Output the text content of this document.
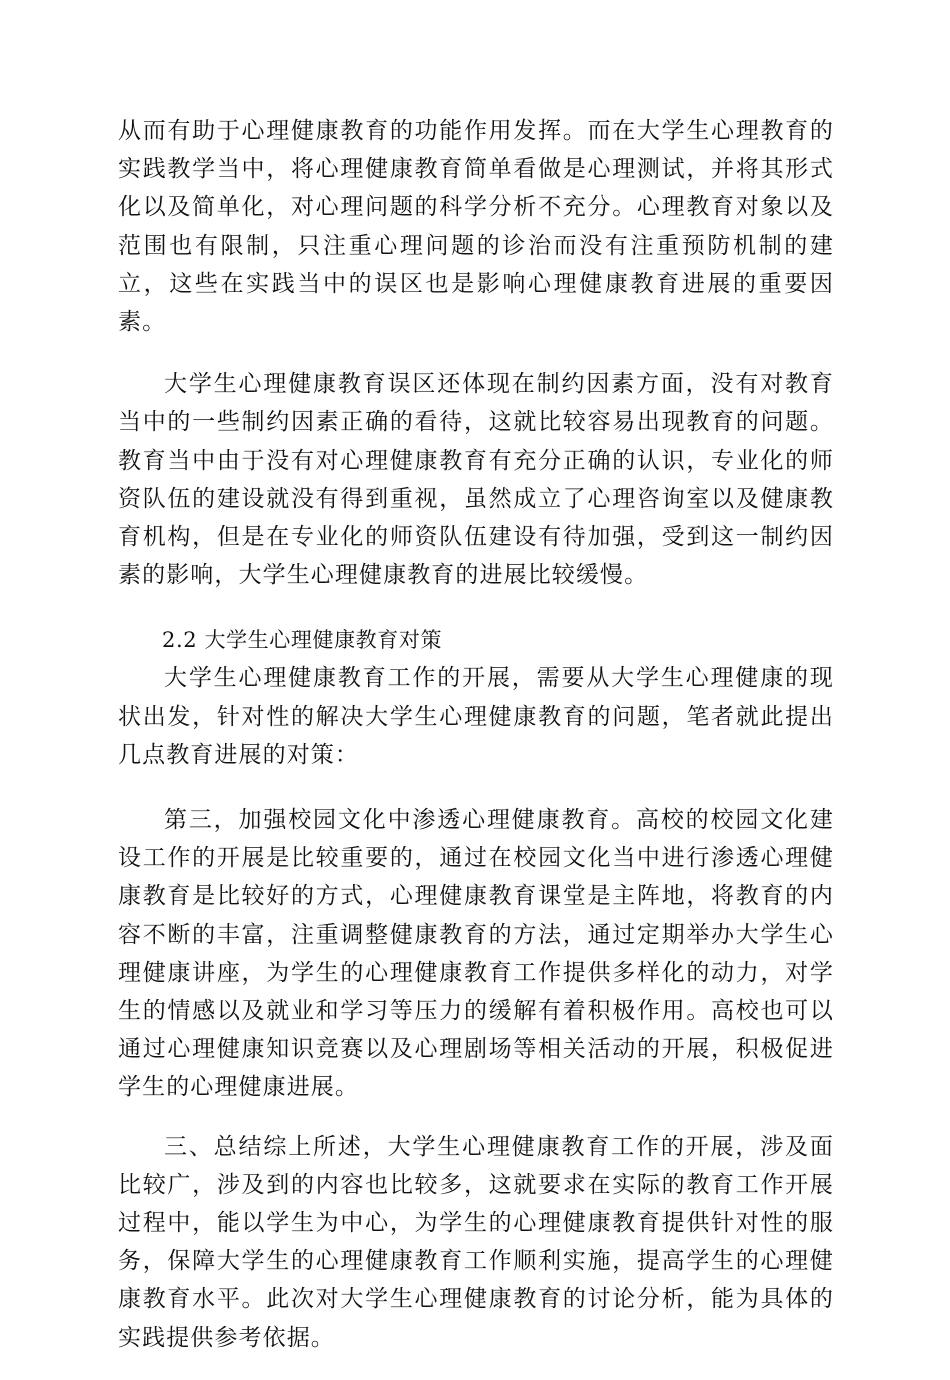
从而有助于心理健康教育的功能作用发挥。而在大学生心理教育的实践教学当中，将心理健康教育简单看做是心理测试，并将其形式化以及简单化，对心理问题的科学分析不充分。心理教育对象以及范围也有限制，只注重心理问题的诊治而没有注重预防机制的建立，这些在实践当中的误区也是影响心理健康教育进展的重要因素。

大学生心理健康教育误区还体现在制约因素方面，没有对教育当中的一些制约因素正确的看待，这就比较容易出现教育的问题。教育当中由于没有对心理健康教育有充分正确的认识，专业化的师资队伍的建设就没有得到重视，虽然成立了心理咨询室以及健康教育机构，但是在专业化的师资队伍建设有待加强，受到这一制约因素的影响，大学生心理健康教育的进展比较缓慢。

2.2 大学生心理健康教育对策

大学生心理健康教育工作的开展，需要从大学生心理健康的现状出发，针对性的解决大学生心理健康教育的问题，笔者就此提出几点教育进展的对策：

第三，加强校园文化中渗透心理健康教育。高校的校园文化建设工作的开展是比较重要的，通过在校园文化当中进行渗透心理健康教育是比较好的方式，心理健康教育课堂是主阵地，将教育的内容不断的丰富，注重调整健康教育的方法，通过定期举办大学生心理健康讲座，为学生的心理健康教育工作提供多样化的动力，对学生的情感以及就业和学习等压力的缓解有着积极作用。高校也可以通过心理健康知识竞赛以及心理剧场等相关活动的开展，积极促进学生的心理健康进展。

三、总结综上所述，大学生心理健康教育工作的开展，涉及面比较广，涉及到的内容也比较多，这就要求在实际的教育工作开展过程中，能以学生为中心，为学生的心理健康教育提供针对性的服务，保障大学生的心理健康教育工作顺利实施，提高学生的心理健康教育水平。此次对大学生心理健康教育的讨论分析，能为具体的实践提供参考依据。
